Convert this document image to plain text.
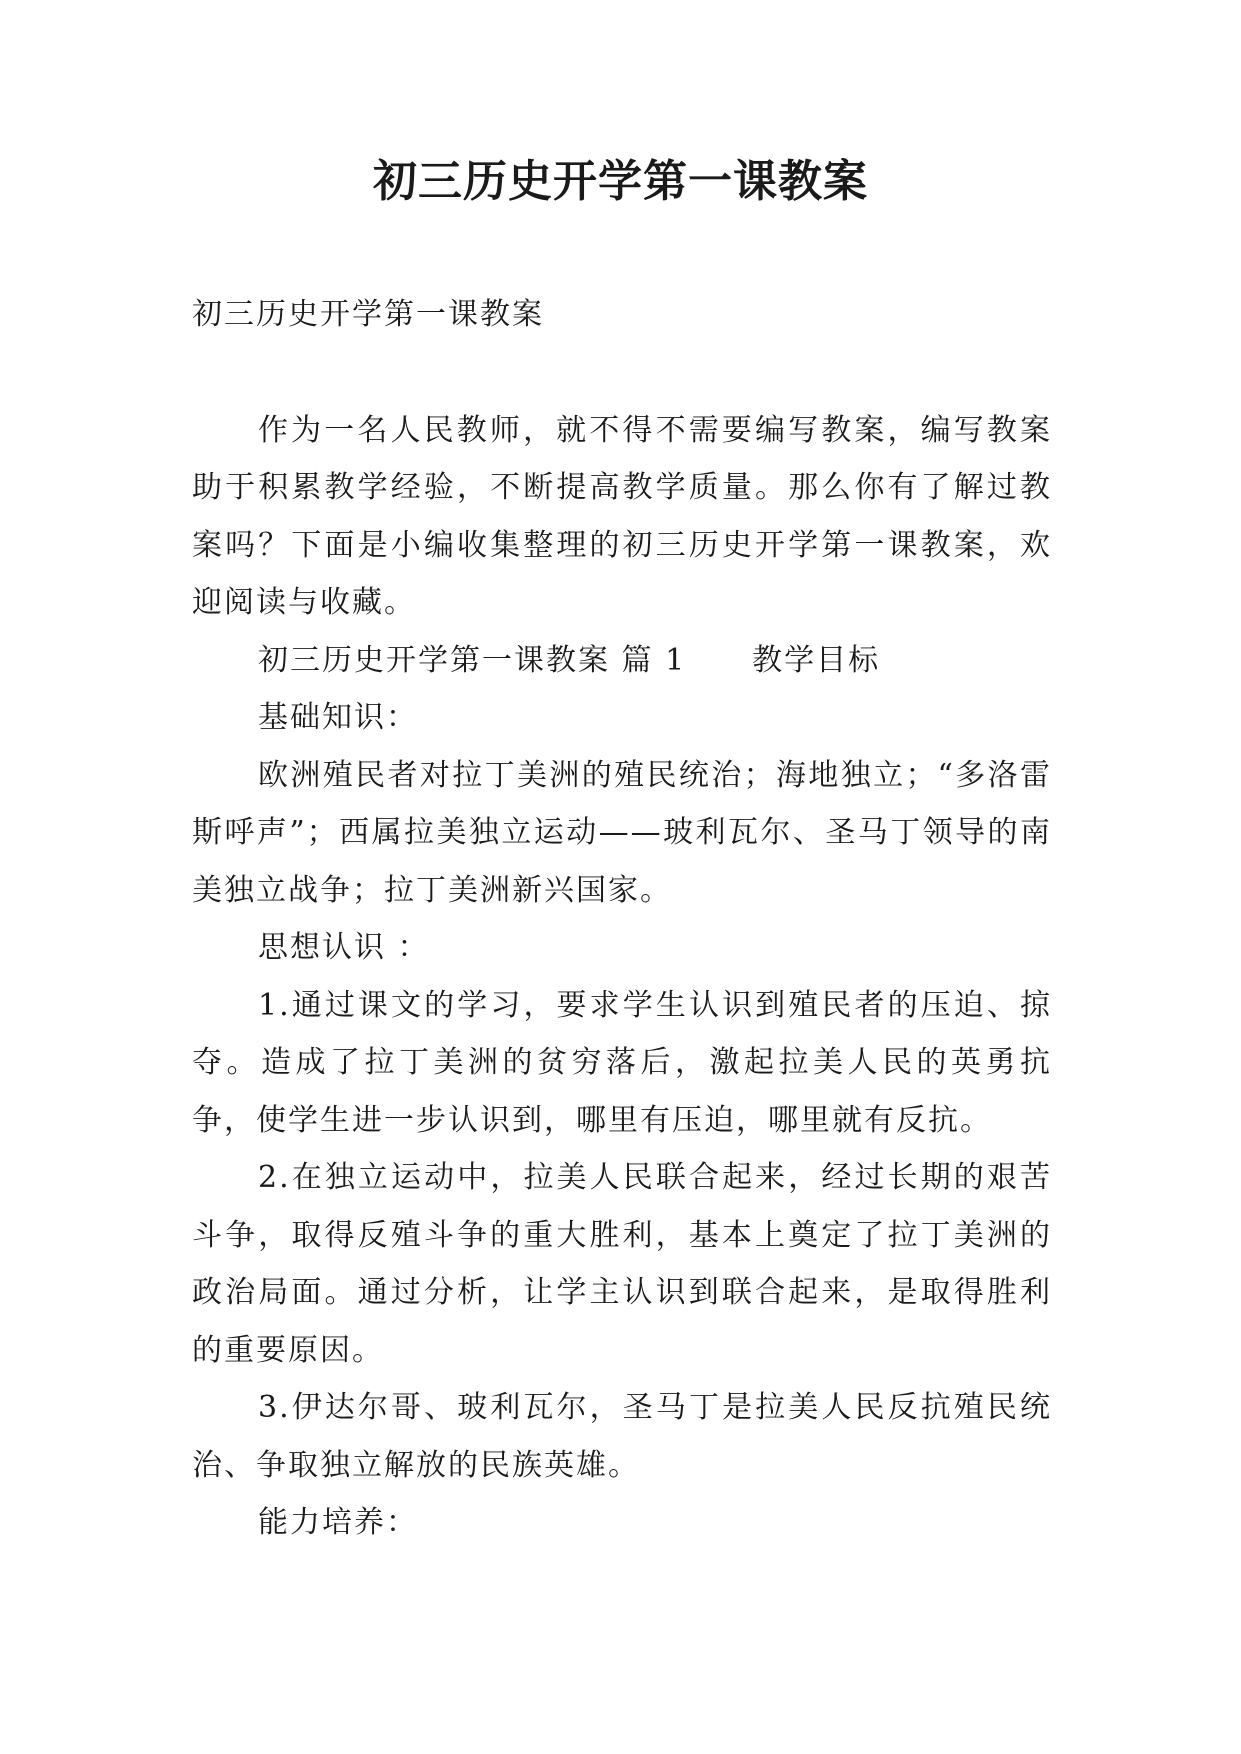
初三历史开学第一课教案

初三历史开学第一课教案

作为一名人民教师，就不得不需要编写教案，编写教案助于积累教学经验，不断提高教学质量。那么你有了解过教案吗？下面是小编收集整理的初三历史开学第一课教案，欢迎阅读与收藏。

初三历史开学第一课教案 篇 1 教学目标

基础知识：

欧洲殖民者对拉丁美洲的殖民统治；海地独立；“多洛雷斯呼声”；西属拉美独立运动——玻利瓦尔、圣马丁领导的南美独立战争；拉丁美洲新兴国家。

思想认识 ：

1.通过课文的学习，要求学生认识到殖民者的压迫、掠夺。造成了拉丁美洲的贫穷落后，激起拉美人民的英勇抗争，使学生进一步认识到，哪里有压迫，哪里就有反抗。

2.在独立运动中，拉美人民联合起来，经过长期的艰苦斗争，取得反殖斗争的重大胜利，基本上奠定了拉丁美洲的政治局面。通过分析，让学主认识到联合起来，是取得胜利的重要原因。

3.伊达尔哥、玻利瓦尔，圣马丁是拉美人民反抗殖民统治、争取独立解放的民族英雄。

能力培养：
